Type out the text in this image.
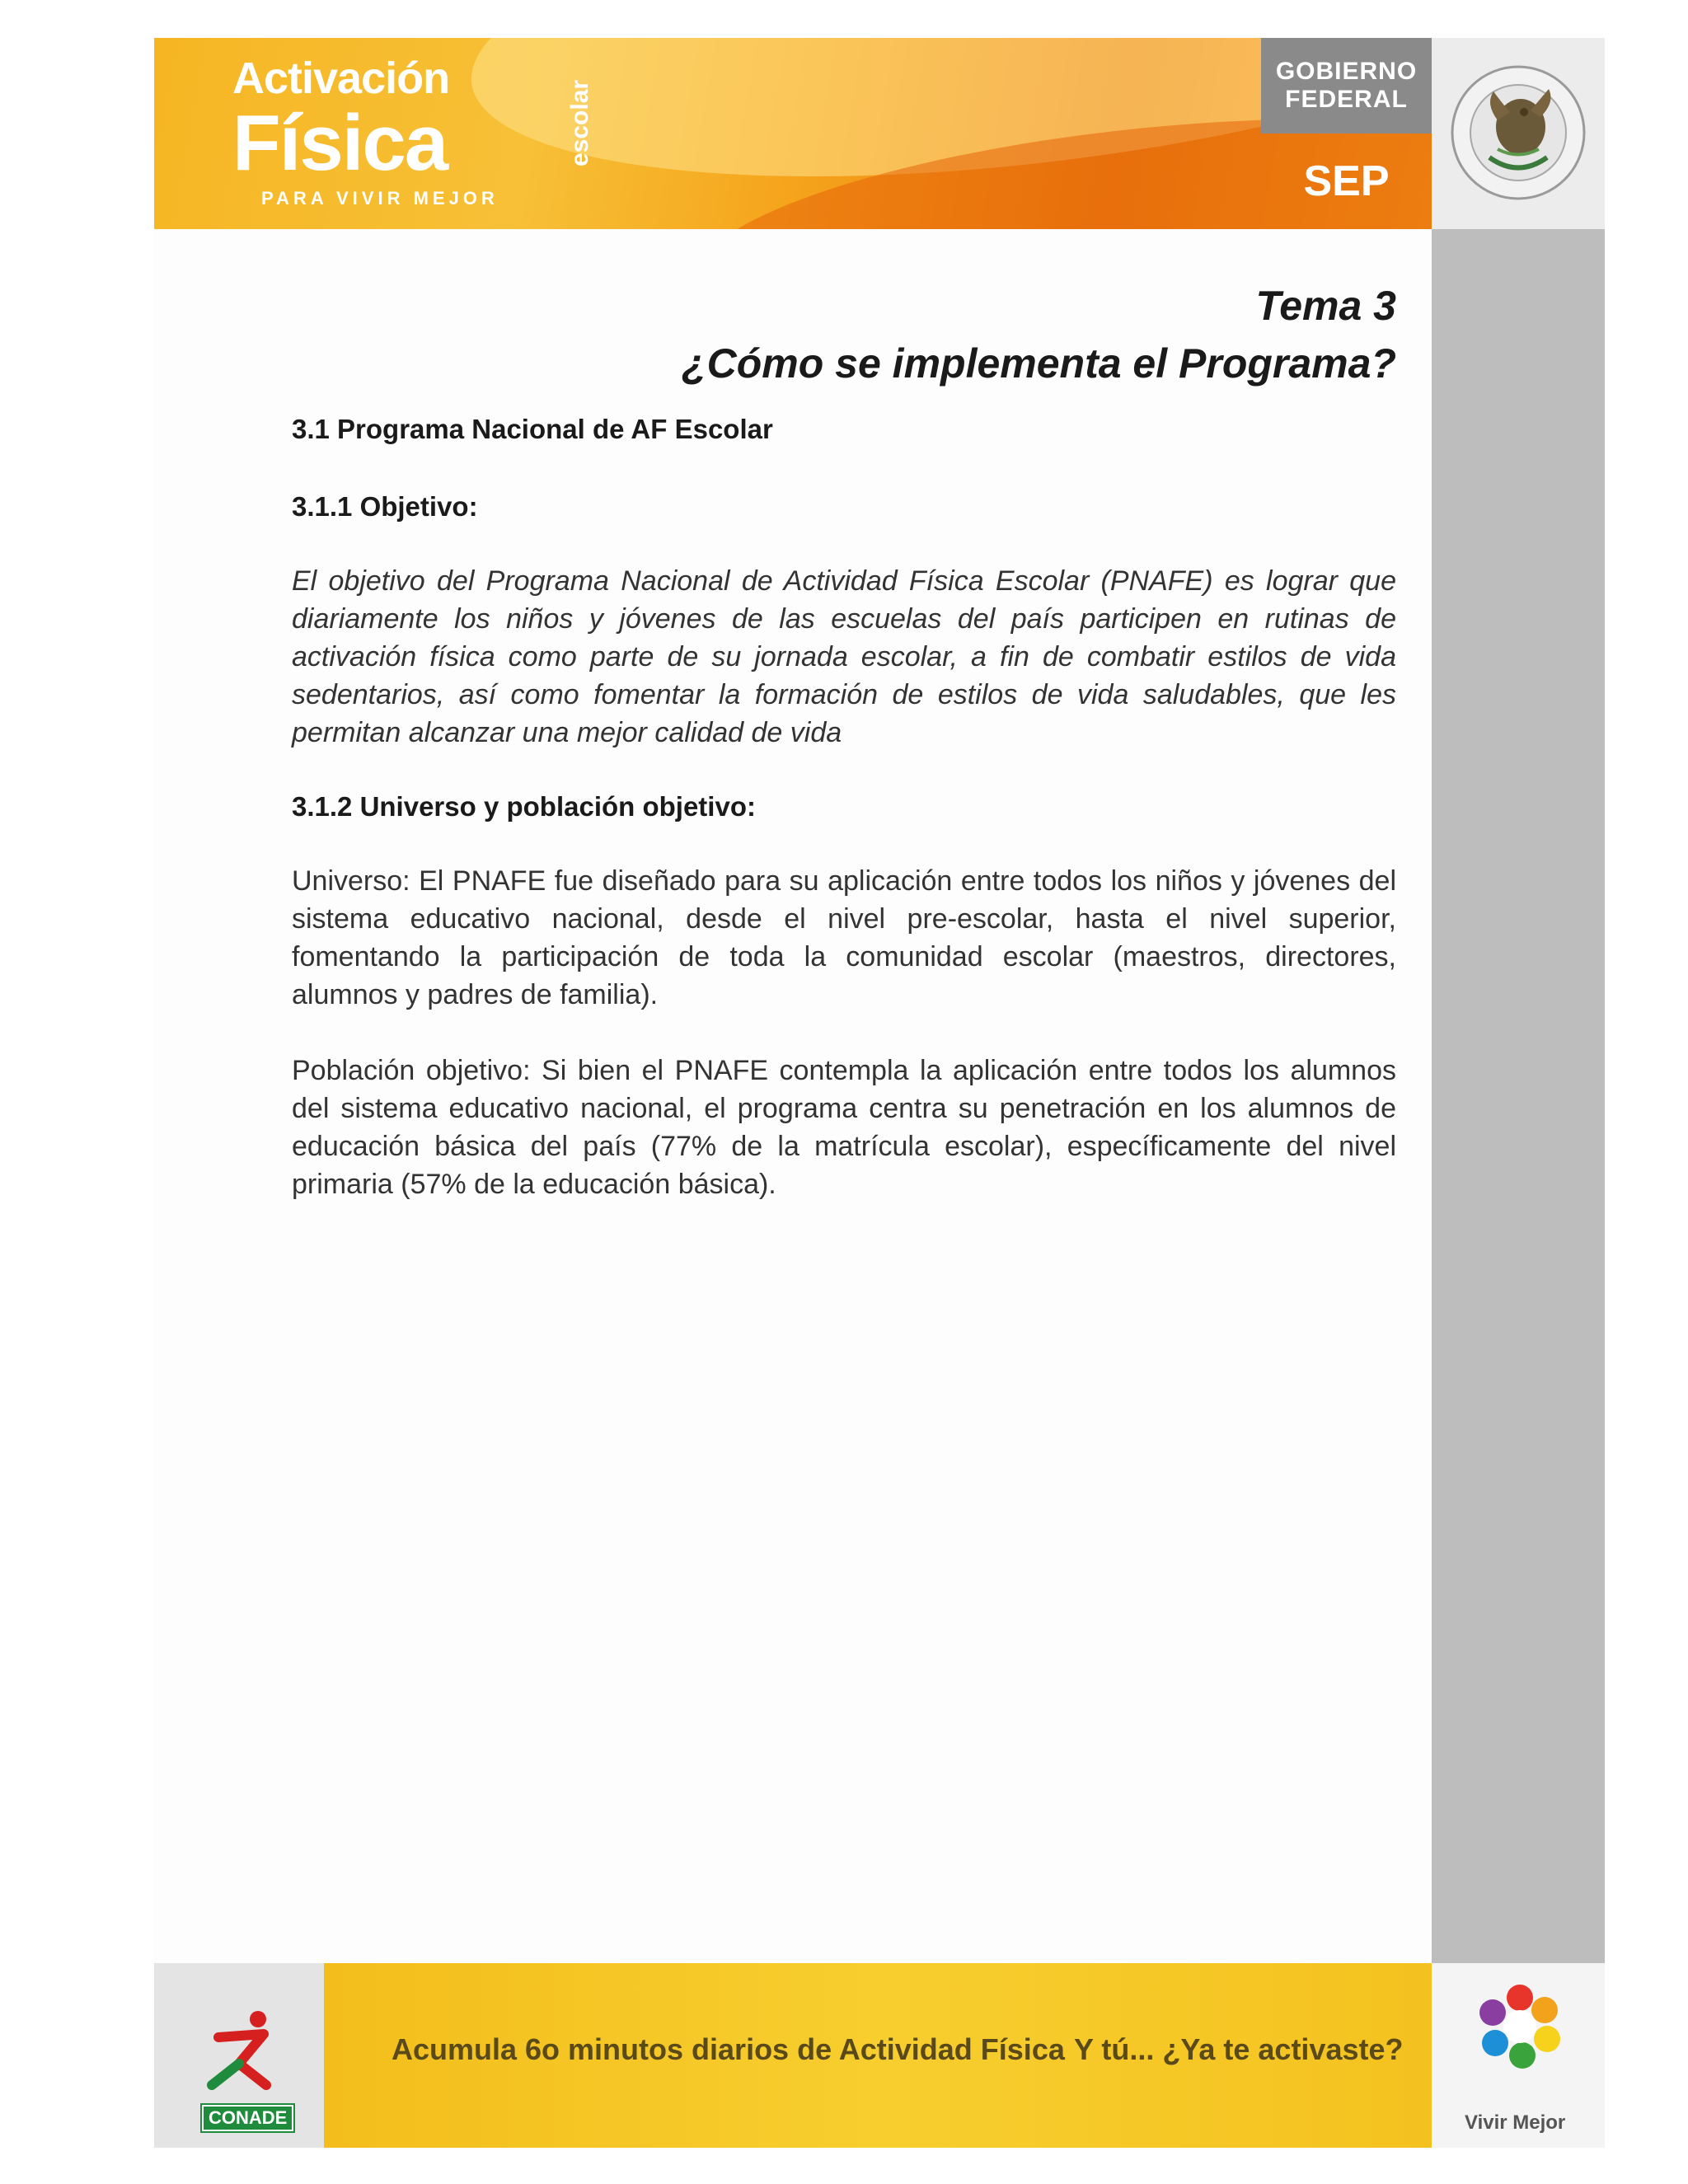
Activación
Física	escolar
PARA VIVIR MEJOR
GOBIERNO
FEDERAL
SEP
Tema 3
¿Cómo se implementa el Programa?

3.1 Programa Nacional de AF Escolar

3.1.1 Objetivo:

El objetivo del Programa Nacional de Actividad Física Escolar (PNAFE) es lograr que diariamente los niños y jóvenes de las escuelas del país participen en rutinas de activación física como parte de su jornada escolar, a fin de combatir estilos de vida sedentarios, así como fomentar la formación de estilos de vida saludables, que les permitan alcanzar una mejor calidad de vida

3.1.2 Universo y población objetivo:

Universo: El PNAFE fue diseñado para su aplicación entre todos los niños y jóvenes del sistema educativo nacional, desde el nivel pre-escolar, hasta el nivel superior, fomentando la participación de toda la comunidad escolar (maestros, directores, alumnos y padres de familia).

Población objetivo: Si bien el PNAFE contempla la aplicación entre todos los alumnos del sistema educativo nacional, el programa centra su penetración en los alumnos de educación básica del país (77% de la matrícula escolar), específicamente del nivel primaria (57% de la educación básica).

CONADE
Acumula 6o minutos diarios de Actividad Física Y tú... ¿Ya te activaste?
Vivir Mejor
